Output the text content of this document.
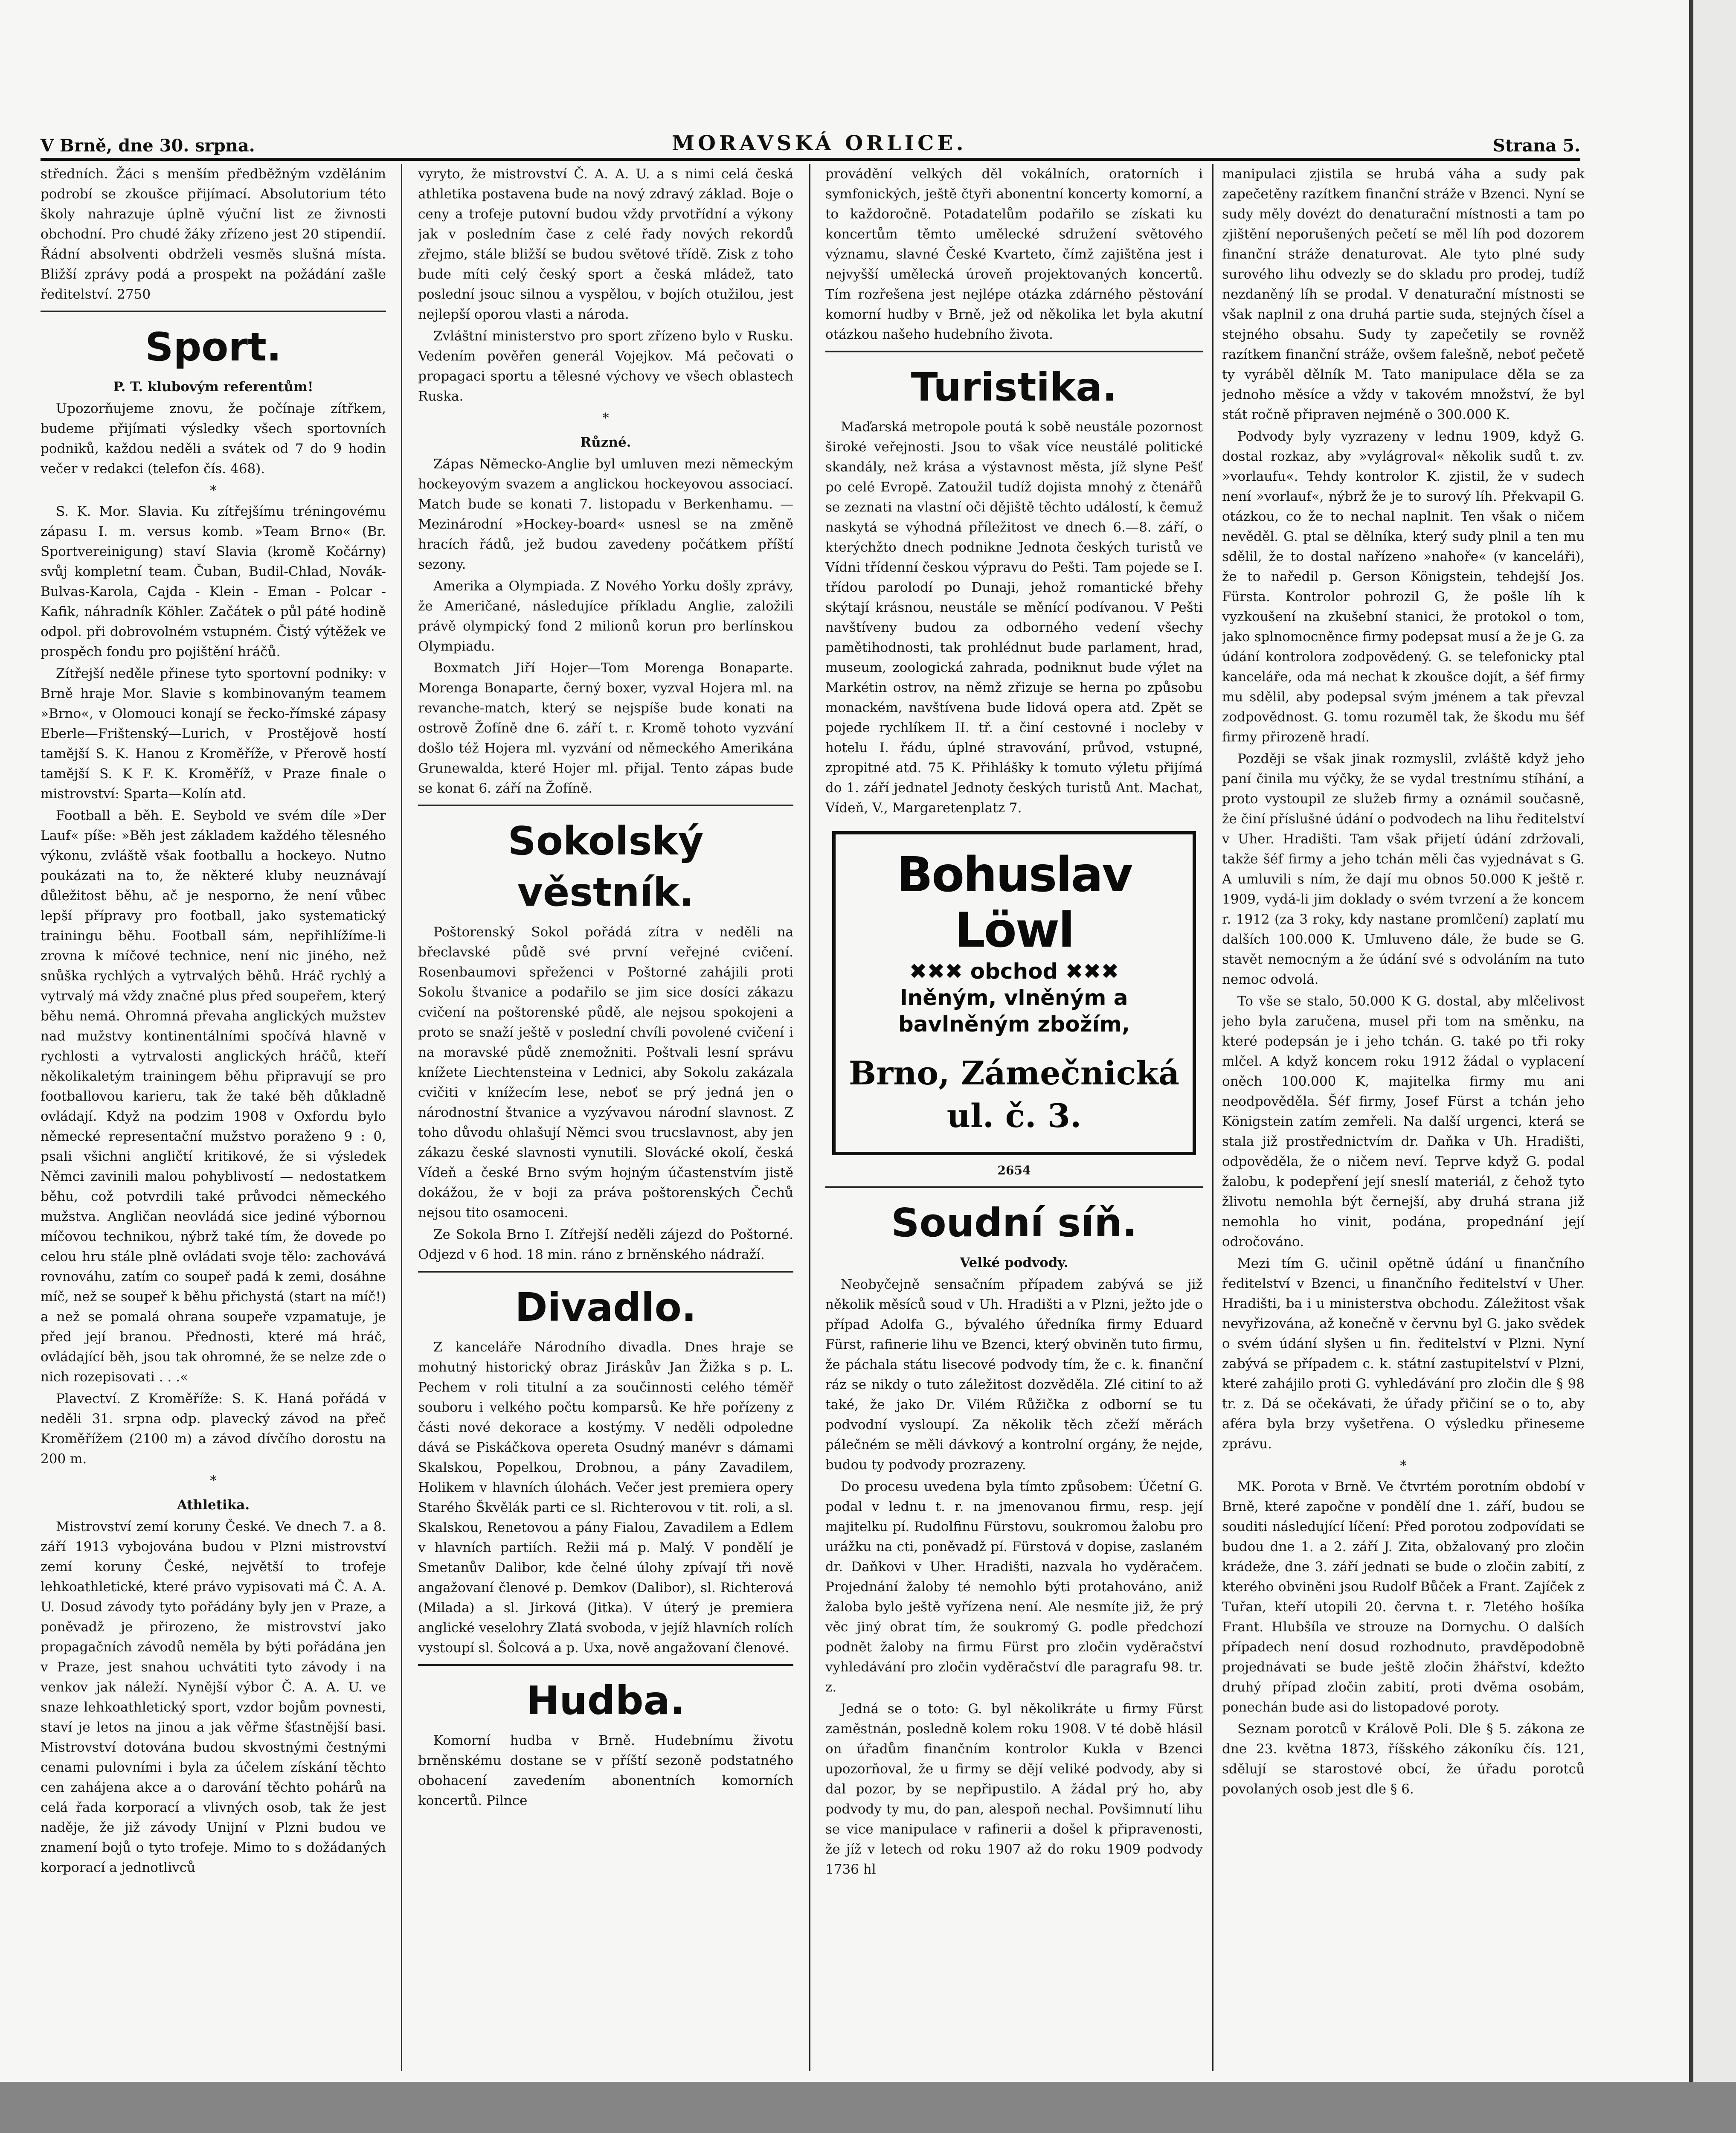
V Brně, dne 30. srpna.	MORAVSKÁ ORLICE.	Strana 5.

středních. Žáci s menším předběžným vzdělánim podrobí se zkoušce přijímací. Absolutorium této školy nahrazuje úplně výuční list ze živnosti obchodní. Pro chudé žáky zřízeno jest 20 stipendií. Řádní absolventi obdrželi vesměs slušná místa. Bližší zprávy podá a prospekt na požádání zašle ředitelství. 2750

Sport.
P. T. klubovým referentům!

Upozorňujeme znovu, že počínaje zítřkem, budeme přijímati výsledky všech sportovních podniků, každou neděli a svátek od 7 do 9 hodin večer v redakci (telefon čís. 468).

*

S. K. Mor. Slavia. Ku zítřejšímu tréningovému zápasu I. m. versus komb. »Team Brno« (Br. Sportvereinigung) staví Slavia (kromě Kočárny) svůj kompletní team. Čuban, Budil-Chlad, Novák-Bulvas-Karola, Cajda - Klein - Eman - Polcar - Kafik, náhradník Köhler. Začátek o půl páté hodině odpol. při dobrovolném vstupném. Čistý výtěžek ve prospěch fondu pro pojištění hráčů.

Zítřejší neděle přinese tyto sportovní podniky: v Brně hraje Mor. Slavie s kombinovaným teamem »Brno«, v Olomouci konají se řecko-římské zápasy Eberle—Frištenský—Lurich, v Prostějově hostí tamější S. K. Hanou z Kroměříže, v Přerově hostí tamější S. K F. K. Kroměříž, v Praze finale o mistrovství: Sparta—Kolín atd.

Football a běh. E. Seybold ve svém díle »Der Lauf« píše: »Běh jest základem každého tělesného výkonu, zvláště však footballu a hockeyo. Nutno poukázati na to, že některé kluby neuznávají důležitost běhu, ač je nesporno, že není vůbec lepší přípravy pro football, jako systematický trainingu běhu. Football sám, nepřihlížíme-li zrovna k míčové technice, není nic jiného, než snůška rychlých a vytrvalých běhů. Hráč rychlý a vytrvalý má vždy značné plus před soupeřem, který běhu nemá. Ohromná převaha anglických mužstev nad mužstvy kontinentálními spočívá hlavně v rychlosti a vytrvalosti anglických hráčů, kteří několikaletým trainingem běhu připravují se pro footballovou karieru, tak že také běh důkladně ovládají. Když na podzim 1908 v Oxfordu bylo německé representační mužstvo poraženo 9 : 0, psali všichni angličtí kritikové, že si výsledek Němci zavinili malou pohyblivostí — nedostatkem běhu, což potvrdili také průvodci německého mužstva. Angličan neovládá sice jediné výbornou míčovou technikou, nýbrž také tím, že dovede po celou hru stále plně ovládati svoje tělo: zachovává rovnováhu, zatím co soupeř padá k zemi, dosáhne míč, než se soupeř k běhu přichystá (start na míč!) a než se pomalá ohrana soupeře vzpamatuje, je před její branou. Přednosti, které má hráč, ovládající běh, jsou tak ohromné, že se nelze zde o nich rozepisovati . . .«

Plavectví. Z Kroměříže: S. K. Haná pořádá v neděli 31. srpna odp. plavecký závod na přeč Kroměřížem (2100 m) a závod dívčího dorostu na 200 m.

*
Athletika.

Mistrovství zemí koruny České. Ve dnech 7. a 8. září 1913 vybojována budou v Plzni mistrovství zemí koruny České, největší to trofeje lehkoathletické, které právo vypisovati má Č. A. A. U. Dosud závody tyto pořádány byly jen v Praze, a poněvadž je přirozeno, že mistrovství jako propagačních závodů neměla by býti pořádána jen v Praze, jest snahou uchvátiti tyto závody i na venkov jak náleží. Nynější výbor Č. A. A. U. ve snaze lehkoathletický sport, vzdor bojům povnesti, staví je letos na jinou a jak věřme šťastnější basi. Mistrovství dotována budou skvostnými čestnými cenami pulovními i byla za účelem získání těchto cen zahájena akce a o darování těchto pohárů na celá řada korporací a vlivných osob, tak že jest naděje, že již závody Unijní v Plzni budou ve znamení bojů o tyto trofeje. Mimo to s dožádaných korporací a jednotlivců

vyryto, že mistrovství Č. A. A. U. a s nimi celá česká athletika postavena bude na nový zdravý základ. Boje o ceny a trofeje putovní budou vždy prvotřídní a výkony jak v posledním čase z celé řady nových rekordů zřejmo, stále bližší se budou světové třídě. Zisk z toho bude míti celý český sport a česká mládež, tato poslední jsouc silnou a vyspělou, v bojích otužilou, jest nejlepší oporou vlasti a národa.

Zvláštní ministerstvo pro sport zřízeno bylo v Rusku. Vedením pověřen generál Vojejkov. Má pečovati o propagaci sportu a tělesné výchovy ve všech oblastech Ruska.

*
Různé.

Zápas Německo-Anglie byl umluven mezi německým hockeyovým svazem a anglickou hockeyovou associací. Match bude se konati 7. listopadu v Berkenhamu. — Mezinárodní »Hockey-board« usnesl se na změně hracích řádů, jež budou zavedeny počátkem příští sezony.

Amerika a Olympiada. Z Nového Yorku došly zprávy, že Američané, následujíce příkladu Anglie, založili právě olympický fond 2 milionů korun pro berlínskou Olympiadu.

Boxmatch Jiří Hojer—Tom Morenga Bonaparte. Morenga Bonaparte, černý boxer, vyzval Hojera ml. na revanche-match, který se nejspíše bude konati na ostrově Žofíně dne 6. září t. r. Kromě tohoto vyzvání došlo též Hojera ml. vyzvání od německého Amerikána Grunewalda, které Hojer ml. přijal. Tento zápas bude se konat 6. září na Žofíně.

Sokolský věstník.

Poštorenský Sokol pořádá zítra v neděli na břeclavské půdě své první veřejné cvičení. Rosenbaumovi spřeženci v Poštorné zahájili proti Sokolu štvanice a podařilo se jim sice dosíci zákazu cvičení na poštorenské půdě, ale nejsou spokojeni a proto se snaží ještě v poslední chvíli povolené cvičení i na moravské půdě znemožniti. Poštvali lesní správu knížete Liechtensteina v Lednici, aby Sokolu zakázala cvičiti v knížecím lese, neboť se prý jedná jen o národnostní štvanice a vyzývavou národní slavnost. Z toho důvodu ohlašují Němci svou trucslavnost, aby jen zákazu české slavnosti vynutili. Slovácké okolí, česká Vídeň a české Brno svým hojným účastenstvím jistě dokážou, že v boji za práva poštorenských Čechů nejsou tito osamoceni.

Ze Sokola Brno I. Zítřejší neděli zájezd do Poštorné. Odjezd v 6 hod. 18 min. ráno z brněnského nádraží.

Divadlo.

Z kanceláře Národního divadla. Dnes hraje se mohutný historický obraz Jiráskův Jan Žižka s p. L. Pechem v roli titulní a za součinnosti celého téměř souboru i velkého počtu komparsů. Ke hře pořízeny z části nové dekorace a kostýmy. V neděli odpoledne dává se Piskáčkova opereta Osudný manévr s dámami Skalskou, Popelkou, Drobnou, a pány Zavadilem, Holikem v hlavních úlohách. Večer jest premiera opery Starého Škvělák parti ce sl. Richterovou v tit. roli, a sl. Skalskou, Renetovou a pány Fialou, Zavadilem a Edlem v hlavních partiích. Režii má p. Malý. V pondělí je Smetanův Dalibor, kde čelné úlohy zpívají tři nově angažovaní členové p. Demkov (Dalibor), sl. Richterová (Milada) a sl. Jirková (Jitka). V úterý je premiera anglické veselohry Zlatá svoboda, v jejíž hlavních rolích vystoupí sl. Šolcová a p. Uxa, nově angažovaní členové.

Hudba.

Komorní hudba v Brně. Hudebnímu životu brněnskému dostane se v příští sezoně podstatného obohacení zavedením abonentních komorních koncertů. Pilnce

provádění velkých děl vokálních, oratorních i symfonických, ještě čtyři abonentní koncerty komorní, a to každoročně. Potadatelům podařilo se získati ku koncertům těmto umělecké sdružení světového významu, slavné České Kvarteto, čímž zajištěna jest i nejvyšší umělecká úroveň projektovaných koncertů. Tím rozřešena jest nejlépe otázka zdárného pěstování komorní hudby v Brně, jež od několika let byla akutní otázkou našeho hudebního života.

Turistika.

Maďarská metropole poutá k sobě neustále pozornost široké veřejnosti. Jsou to však více neustálé politické skandály, než krása a výstavnost města, jíž slyne Pešť po celé Evropě. Zatoužil tudíž dojista mnohý z čtenářů se zeznati na vlastní oči dějiště těchto událostí, k čemuž naskytá se výhodná příležitost ve dnech 6.—8. září, o kterýchžto dnech podnikne Jednota českých turistů ve Vídni třídenní českou výpravu do Pešti. Tam pojede se I. třídou parolodí po Dunaji, jehož romantické břehy skýtají krásnou, neustále se měnící podívanou. V Pešti navštíveny budou za odborného vedení všechy pamětihodnosti, tak prohlédnut bude parlament, hrad, museum, zoologická zahrada, podniknut bude výlet na Markétin ostrov, na němž zřizuje se herna po způsobu monackém, navštívena bude lidová opera atd. Zpět se pojede rychlíkem II. tř. a činí cestovné i nocleby v hotelu I. řádu, úplné stravování, průvod, vstupné, zpropitné atd. 75 K. Přihlášky k tomuto výletu přijímá do 1. září jednatel Jednoty českých turistů Ant. Machat, Vídeň, V., Margaretenplatz 7.

Bohuslav Löwl
✖✖✖ obchod ✖✖✖
lněným, vlněným a
bavlněným zbožím,
Brno, Zámečnická ul. č. 3.
2654
Soudní síň.
Velké podvody.

Neobyčejně sensačním případem zabývá se již několik měsíců soud v Uh. Hradišti a v Plzni, ježto jde o případ Adolfa G., bývalého úředníka firmy Eduard Fürst, rafinerie lihu ve Bzenci, který obviněn tuto firmu, že páchala státu lisecové podvody tím, že c. k. finanční ráz se nikdy o tuto záležitost dozvěděla. Zlé citiní to až také, že jako Dr. Vilém Růžička z odborní se tu podvodní vysloupí. Za několik těch zčeží měrách pálečném se měli dávkový a kontrolní orgány, že nejde, budou ty podvody prozrazeny.

Do procesu uvedena byla tímto způsobem: Účetní G. podal v lednu t. r. na jmenovanou firmu, resp. její majitelku pí. Rudolfinu Fürstovu, soukromou žalobu pro urážku na cti, poněvadž pí. Fürstová v dopise, zaslaném dr. Daňkovi v Uher. Hradišti, nazvala ho vyděračem. Projednání žaloby té nemohlo býti protahováno, aniž žaloba bylo ještě vyřízena není. Ale nesmíte již, že prý věc jiný obrat tím, že soukromý G. podle předchozí podnět žaloby na firmu Fürst pro zločin vyděračství vyhledávání pro zločin vyděračství dle paragrafu 98. tr. z.

Jedná se o toto: G. byl několikráte u firmy Fürst zaměstnán, posledně kolem roku 1908. V té době hlásil on úřadům finančním kontrolor Kukla v Bzenci upozorňoval, že u firmy se dějí veliké podvody, aby si dal pozor, by se nepřipustilo. A žádal prý ho, aby podvody ty mu, do pan, alespoň nechal. Povšimnutí lihu se vice manipulace v rafinerii a došel k připravenosti, že jíž v letech od roku 1907 až do roku 1909 podvody 1736 hl

manipulaci zjistila se hrubá váha a sudy pak zapečetěny razítkem finanční stráže v Bzenci. Nyní se sudy měly dovézt do denaturační místnosti a tam po zjištění neporušených pečetí se měl líh pod dozorem finanční stráže denaturovat. Ale tyto plné sudy surového lihu odvezly se do skladu pro prodej, tudíž nezdaněný líh se prodal. V denaturační místnosti se však naplnil z ona druhá partie suda, stejných čísel a stejného obsahu. Sudy ty zapečetily se rovněž razítkem finanční stráže, ovšem falešně, neboť pečetě ty vyráběl dělník M. Tato manipulace děla se za jednoho měsíce a vždy v takovém množství, že byl stát ročně připraven nejméně o 300.000 K.

Podvody byly vyzrazeny v lednu 1909, když G. dostal rozkaz, aby »vylágroval« několik sudů t. zv. »vorlaufu«. Tehdy kontrolor K. zjistil, že v sudech není »vorlauf«, nýbrž že je to surový líh. Překvapil G. otázkou, co že to nechal naplnit. Ten však o ničem nevěděl. G. ptal se dělníka, který sudy plnil a ten mu sdělil, že to dostal nařízeno »nahoře« (v kanceláři), že to naředil p. Gerson Königstein, tehdejší Jos. Fürsta. Kontrolor pohrozil G, že pošle líh k vyzkoušení na zkušební stanici, že protokol o tom, jako splnomocněnce firmy podepsat musí a že je G. za údání kontrolora zodpovědený. G. se telefonicky ptal kanceláře, oda má nechat k zkoušce dojít, a šéf firmy mu sdělil, aby podepsal svým jménem a tak převzal zodpovědnost. G. tomu rozuměl tak, že škodu mu šéf firmy přirozeně hradí.

Později se však jinak rozmyslil, zvláště když jeho paní činila mu výčky, že se vydal trestnímu stíhání, a proto vystoupil ze služeb firmy a oznámil současně, že činí příslušné údání o podvodech na lihu ředitelství v Uher. Hradišti. Tam však přijetí údání zdržovali, takže šéf firmy a jeho tchán měli čas vyjednávat s G. A umluvili s ním, že dají mu obnos 50.000 K ještě r. 1909, vydá-li jim doklady o svém tvrzení a že koncem r. 1912 (za 3 roky, kdy nastane promlčení) zaplatí mu dalších 100.000 K. Umluveno dále, že bude se G. stavět nemocným a že údání své s odvoláním na tuto nemoc odvolá.

To vše se stalo, 50.000 K G. dostal, aby mlčelivost jeho byla zaručena, musel při tom na směnku, na které podepsán je i jeho tchán. G. také po tři roky mlčel. A když koncem roku 1912 žádal o vyplacení oněch 100.000 K, majitelka firmy mu ani neodpověděla. Šéf firmy, Josef Fürst a tchán jeho Königstein zatím zemřeli. Na další urgenci, která se stala již prostřednictvím dr. Daňka v Uh. Hradišti, odpověděla, že o ničem neví. Teprve když G. podal žalobu, k podepření její sneslí materiál, z čehož tyto žlivotu nemohla být černejší, aby druhá strana již nemohla ho vinit, podána, propednání její odročováno.

Mezi tím G. učinil opětně údání u finančního ředitelství v Bzenci, u finančního ředitelství v Uher. Hradišti, ba i u ministerstva obchodu. Záležitost však nevyřizována, až konečně v červnu byl G. jako svědek o svém údání slyšen u fin. ředitelství v Plzni. Nyní zabývá se případem c. k. státní zastupitelství v Plzni, které zahájilo proti G. vyhledávání pro zločin dle § 98 tr. z. Dá se očekávati, že úřady přičiní se o to, aby aféra byla brzy vyšetřena. O výsledku přineseme zprávu.

*

MK. Porota v Brně. Ve čtvrtém porotním období v Brně, které započne v pondělí dne 1. září, budou se souditi následující líčení: Před porotou zodpovídati se budou dne 1. a 2. září J. Zita, obžalovaný pro zločin krádeže, dne 3. září jednati se bude o zločin zabití, z kterého obviněni jsou Rudolf Bůček a Frant. Zajíček z Tuřan, kteří utopili 20. června t. r. 7letého hošíka Frant. Hlubšíla ve strouze na Dornychu. O dalších případech není dosud rozhodnuto, pravděpodobně projednávati se bude ještě zločin žhářství, kdežto druhý případ zločin zabití, proti dvěma osobám, ponechán bude asi do listopadové poroty.

Seznam porotců v Králově Poli. Dle § 5. zákona ze dne 23. května 1873, říšského zákoníku čís. 121, sdělují se starostové obcí, že úřadu porotců povolaných osob jest dle § 6.
